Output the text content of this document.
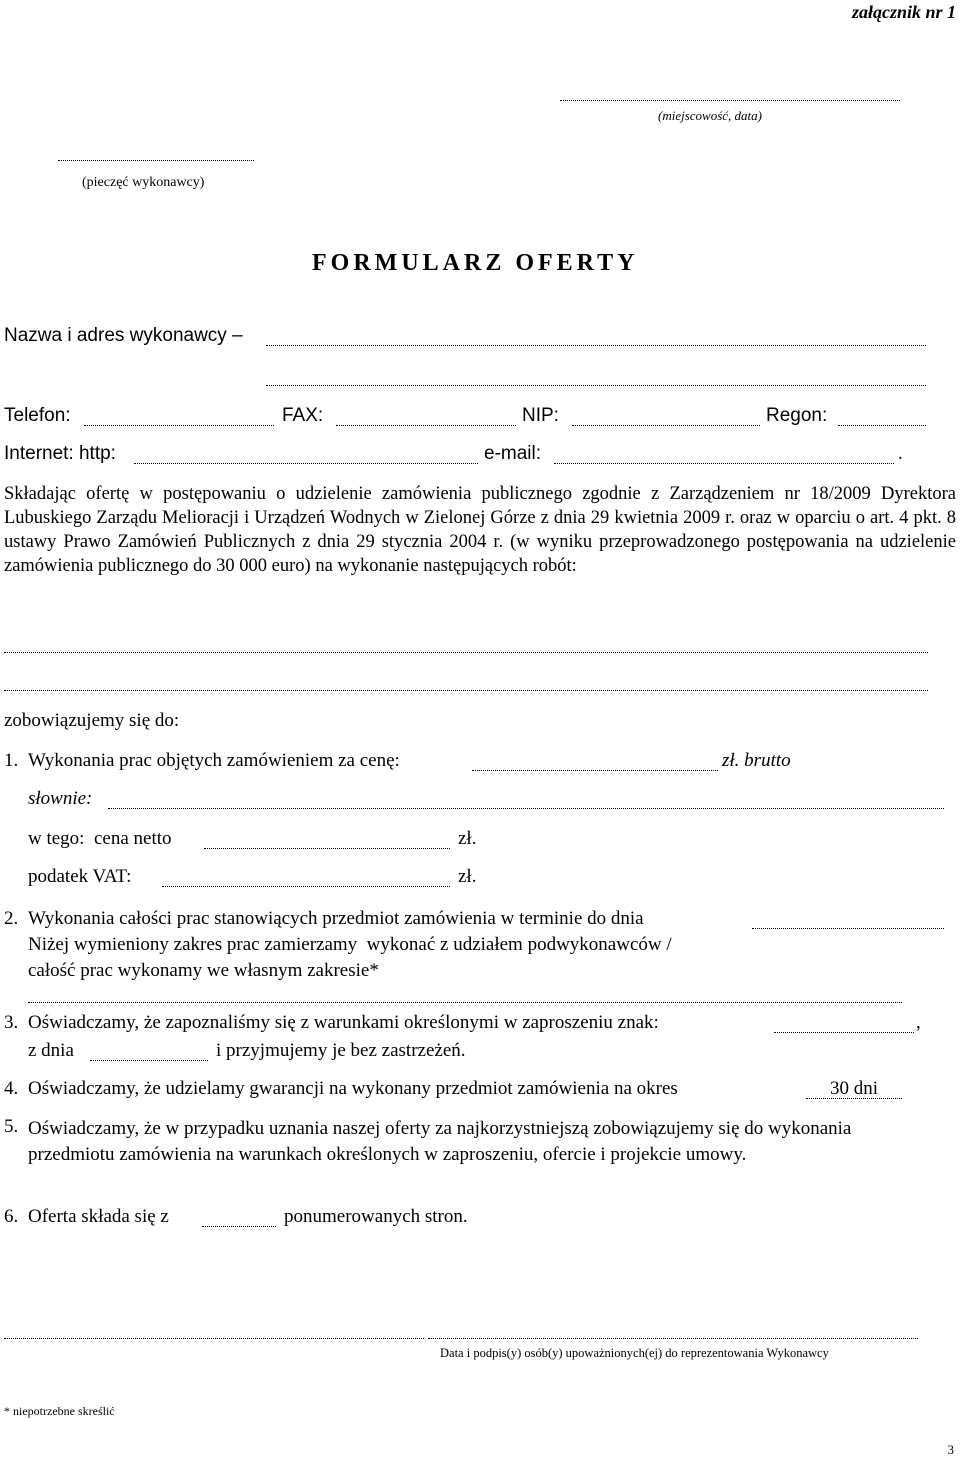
załącznik nr 1
(miejscowość, data)
(pieczęć wykonawcy)
FORMULARZ OFERTY
Nazwa i adres wykonawcy –
Telefon:	FAX:	NIP:	Regon:
Internet: http:	e-mail:	.
Składając ofertę w postępowaniu o udzielenie zamówienia publicznego zgodnie z Zarządzeniem nr 18/2009 Dyrektora Lubuskiego Zarządu Melioracji i Urządzeń Wodnych w Zielonej Górze z dnia 29 kwietnia 2009 r. oraz w oparciu o art. 4 pkt. 8 ustawy Prawo Zamówień Publicznych z dnia 29 stycznia 2004 r. (w wyniku przeprowadzonego postępowania na udzielenie zamówienia publicznego do 30 000 euro) na wykonanie następujących robót:
zobowiązujemy się do:
1. Wykonania prac objętych zamówieniem za cenę:	zł. brutto
słownie:
w tego:  cena netto	zł.
podatek VAT:	zł.
2. Wykonania całości prac stanowiących przedmiot zamówienia w terminie do dnia
Niżej wymieniony zakres prac zamierzamy  wykonać z udziałem podwykonawców /
całość prac wykonamy we własnym zakresie*
3. Oświadczamy, że zapoznaliśmy się z warunkami określonymi w zaproszeniu znak:	,
z dnia	i przyjmujemy je bez zastrzeżeń.
4. Oświadczamy, że udzielamy gwarancji na wykonany przedmiot zamówienia na okres	30 dni
5. Oświadczamy, że w przypadku uznania naszej oferty za najkorzystniejszą zobowiązujemy się do wykonania przedmiotu zamówienia na warunkach określonych w zaproszeniu, ofercie i projekcie umowy.
6. Oferta składa się z	ponumerowanych stron.
Data i podpis(y) osób(y) upoważnionych(ej) do reprezentowania Wykonawcy
* niepotrzebne skreślić
3
